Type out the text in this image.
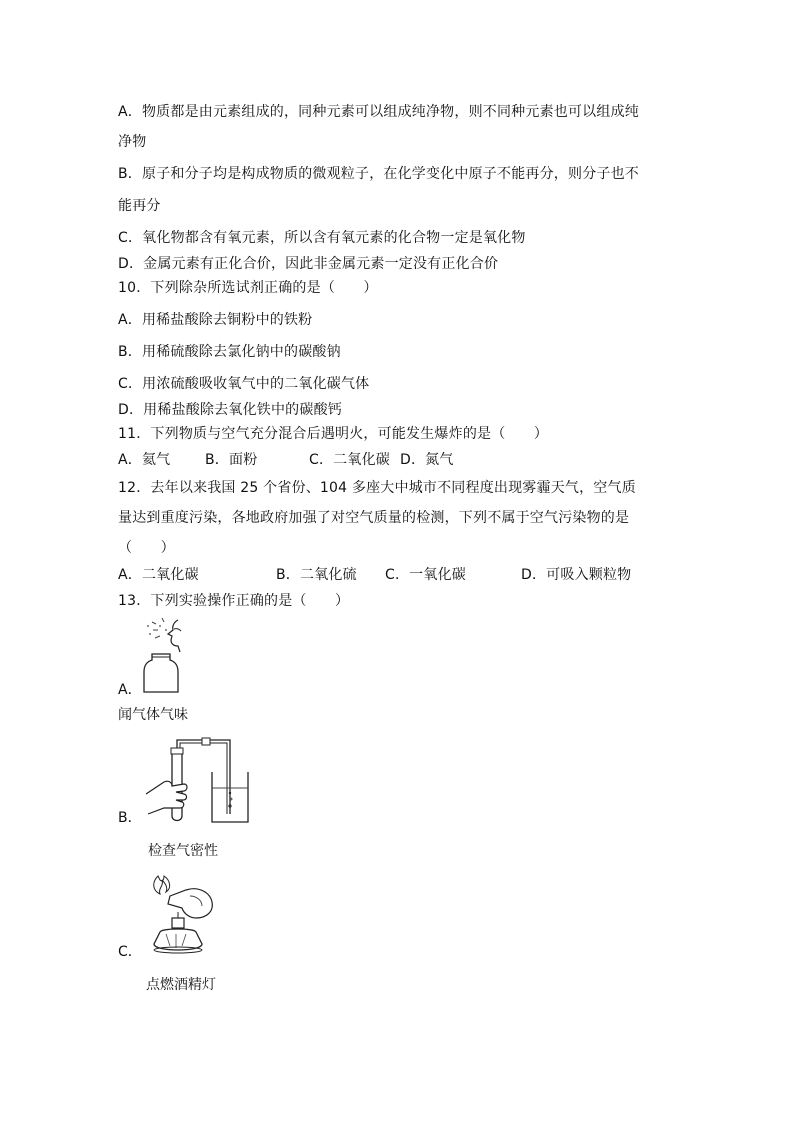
A．物质都是由元素组成的，同种元素可以组成纯净物，则不同种元素也可以组成纯
净物
B．原子和分子均是构成物质的微观粒子，在化学变化中原子不能再分，则分子也不
能再分
C．氧化物都含有氧元素，所以含有氧元素的化合物一定是氧化物
D．金属元素有正化合价，因此非金属元素一定没有正化合价
10．下列除杂所选试剂正确的是（　　）
A．用稀盐酸除去铜粉中的铁粉
B．用稀硫酸除去氯化钠中的碳酸钠
C．用浓硫酸吸收氧气中的二氧化碳气体
D．用稀盐酸除去氧化铁中的碳酸钙
11．下列物质与空气充分混合后遇明火，可能发生爆炸的是（　　）
A．氦气	B．面粉	C．二氧化碳 D．氮气
12．去年以来我国 25 个省份、104 多座大中城市不同程度出现雾霾天气，空气质
量达到重度污染，各地政府加强了对空气质量的检测，下列不属于空气污染物的是
（　　）
A．二氧化碳	B．二氧化硫	C．一氧化碳	D．可吸入颗粒物
13．下列实验操作正确的是（　　）
A．
闻气体气味
B．
检查气密性
C．
点燃酒精灯
